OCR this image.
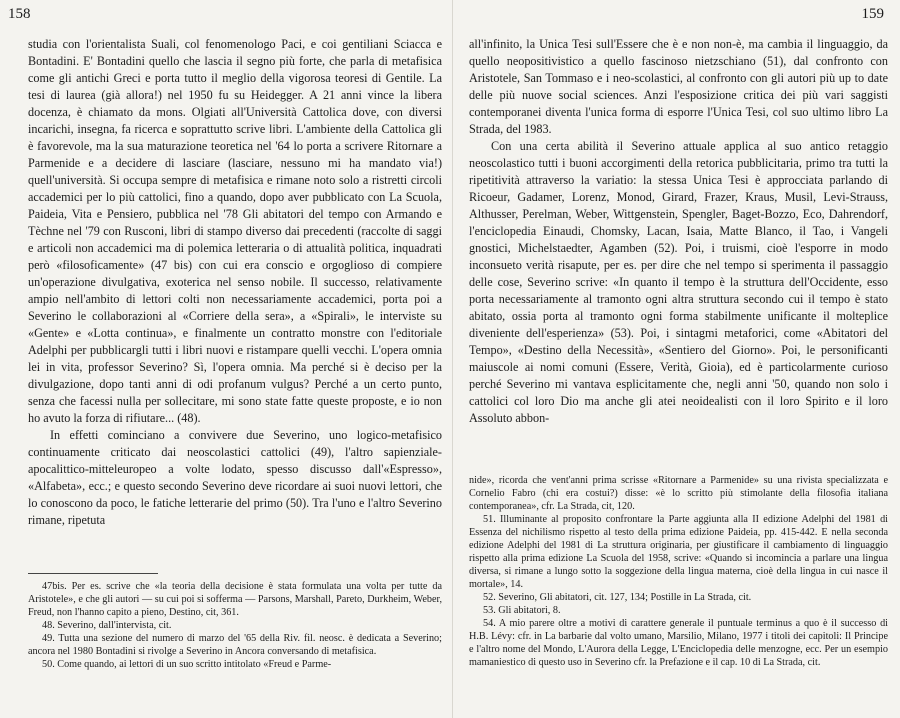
158

studia con l'orientalista Suali, col fenomenologo Paci, e coi gentiliani Sciacca e Bontadini. E' Bontadini quello che lascia il segno più forte, che parla di metafisica come gli antichi Greci e porta tutto il meglio della vigorosa teoresi di Gentile. La tesi di laurea (già allora!) nel 1950 fu su Heidegger. A 21 anni vince la libera docenza, è chiamato da mons. Olgiati all'Università Cattolica dove, con diversi incarichi, insegna, fa ricerca e soprattutto scrive libri. L'ambiente della Cattolica gli è favorevole, ma la sua maturazione teoretica nel '64 lo porta a scrivere Ritornare a Parmenide e a decidere di lasciare (lasciare, nessuno mi ha mandato via!) quell'università. Si occupa sempre di metafisica e rimane noto solo a ristretti circoli accademici per lo più cattolici, fino a quando, dopo aver pubblicato con La Scuola, Paideia, Vita e Pensiero, pubblica nel '78 Gli abitatori del tempo con Armando e Tèchne nel '79 con Rusconi, libri di stampo diverso dai precedenti (raccolte di saggi e articoli non accademici ma di polemica letteraria o di attualità politica, inquadrati però «filosoficamente» (47 bis) con cui era conscio e orgoglioso di compiere un'operazione divulgativa, exoterica nel senso nobile. Il successo, relativamente ampio nell'ambito di lettori colti non necessariamente accademici, porta poi a Severino le collaborazioni al «Corriere della sera», a «Spirali», le interviste su «Gente» e «Lotta continua», e finalmente un contratto monstre con l'editoriale Adelphi per pubblicargli tutti i libri nuovi e ristampare quelli vecchi. L'opera omnia lei in vita, professor Severino? Sì, l'opera omnia. Ma perché si è deciso per la divulgazione, dopo tanti anni di odi profanum vulgus? Perché a un certo punto, senza che facessi nulla per sollecitare, mi sono state fatte queste proposte, e io non ho avuto la forza di rifiutare... (48).

In effetti cominciano a convivere due Severino, uno logico-metafisico continuamente criticato dai neoscolastici cattolici (49), l'altro sapienziale-apocalittico-mitteleuropeo a volte lodato, spesso discusso dall'«Espresso», «Alfabeta», ecc.; e questo secondo Severino deve ricordare ai suoi nuovi lettori, che lo conoscono da poco, le fatiche letterarie del primo (50). Tra l'uno e l'altro Severino rimane, ripetuta

47bis. Per es. scrive che «la teoria della decisione è stata formulata una volta per tutte da Aristotele», e che gli autori — su cui poi si sofferma — Parsons, Marshall, Pareto, Durkheim, Weber, Freud, non l'hanno capito a pieno, Destino, cit, 361.

48. Severino, dall'intervista, cit.

49. Tutta una sezione del numero di marzo del '65 della Riv. fil. neosc. è dedicata a Severino; ancora nel 1980 Bontadini si rivolge a Severino in Ancora conversando di metafisica.

50. Come quando, ai lettori di un suo scritto intitolato «Freud e Parme-

159

all'infinito, la Unica Tesi sull'Essere che è e non non-è, ma cambia il linguaggio, da quello neopositivistico a quello fascinoso nietzschiano (51), dal confronto con Aristotele, San Tommaso e i neo-scolastici, al confronto con gli autori più up to date delle più nuove social sciences. Anzi l'esposizione critica dei più vari saggisti contemporanei diventa l'unica forma di esporre l'Unica Tesi, col suo ultimo libro La Strada, del 1983.

Con una certa abilità il Severino attuale applica al suo antico retaggio neoscolastico tutti i buoni accorgimenti della retorica pubblicitaria, primo tra tutti la ripetitività attraverso la variatio: la stessa Unica Tesi è approcciata parlando di Ricoeur, Gadamer, Lorenz, Monod, Girard, Frazer, Kraus, Musil, Levi-Strauss, Althusser, Perelman, Weber, Wittgenstein, Spengler, Baget-Bozzo, Eco, Dahrendorf, l'enciclopedia Einaudi, Chomsky, Lacan, Isaia, Matte Blanco, il Tao, i Vangeli gnostici, Michelstaedter, Agamben (52). Poi, i truismi, cioè l'esporre in modo inconsueto verità risapute, per es. per dire che nel tempo si sperimenta il passaggio delle cose, Severino scrive: «In quanto il tempo è la struttura dell'Occidente, esso porta necessariamente al tramonto ogni altra struttura secondo cui il tempo è stato abitato, ossia porta al tramonto ogni forma stabilmente unificante il molteplice diveniente dell'esperienza» (53). Poi, i sintagmi metaforici, come «Abitatori del Tempo», «Destino della Necessità», «Sentiero del Giorno». Poi, le personificanti maiuscole ai nomi comuni (Essere, Verità, Gioia), ed è particolarmente curioso perché Severino mi vantava esplicitamente che, negli anni '50, quando non solo i cattolici col loro Dio ma anche gli atei neoidealisti con il loro Spirito e il loro Assoluto abbon-

nide», ricorda che vent'anni prima scrisse «Ritornare a Parmenide» su una rivista specializzata e Cornelio Fabro (chi era costui?) disse: «è lo scritto più stimolante della filosofia italiana contemporanea», cfr. La Strada, cit, 120.

51. Illuminante al proposito confrontare la Parte aggiunta alla II edizione Adelphi del 1981 di Essenza del nichilismo rispetto al testo della prima edizione Paideia, pp. 415-442. E nella seconda edizione Adelphi del 1981 di La struttura originaria, per giustificare il cambiamento di linguaggio rispetto alla prima edizione La Scuola del 1958, scrive: «Quando si incomincia a parlare una lingua diversa, si rimane a lungo sotto la soggezione della lingua materna, cioè della lingua in cui nasce il mortale», 14.

52. Severino, Gli abitatori, cit. 127, 134; Postille in La Strada, cit.

53. Gli abitatori, 8.

54. A mio parere oltre a motivi di carattere generale il puntuale terminus a quo è il successo di H.B. Lévy: cfr. in La barbarie dal volto umano, Marsilio, Milano, 1977 i titoli dei capitoli: Il Principe e l'altro nome del Mondo, L'Aurora della Legge, L'Enciclopedia delle menzogne, ecc. Per un esempio mamaniestico di questo uso in Severino cfr. la Prefazione e il cap. 10 di La Strada, cit.
